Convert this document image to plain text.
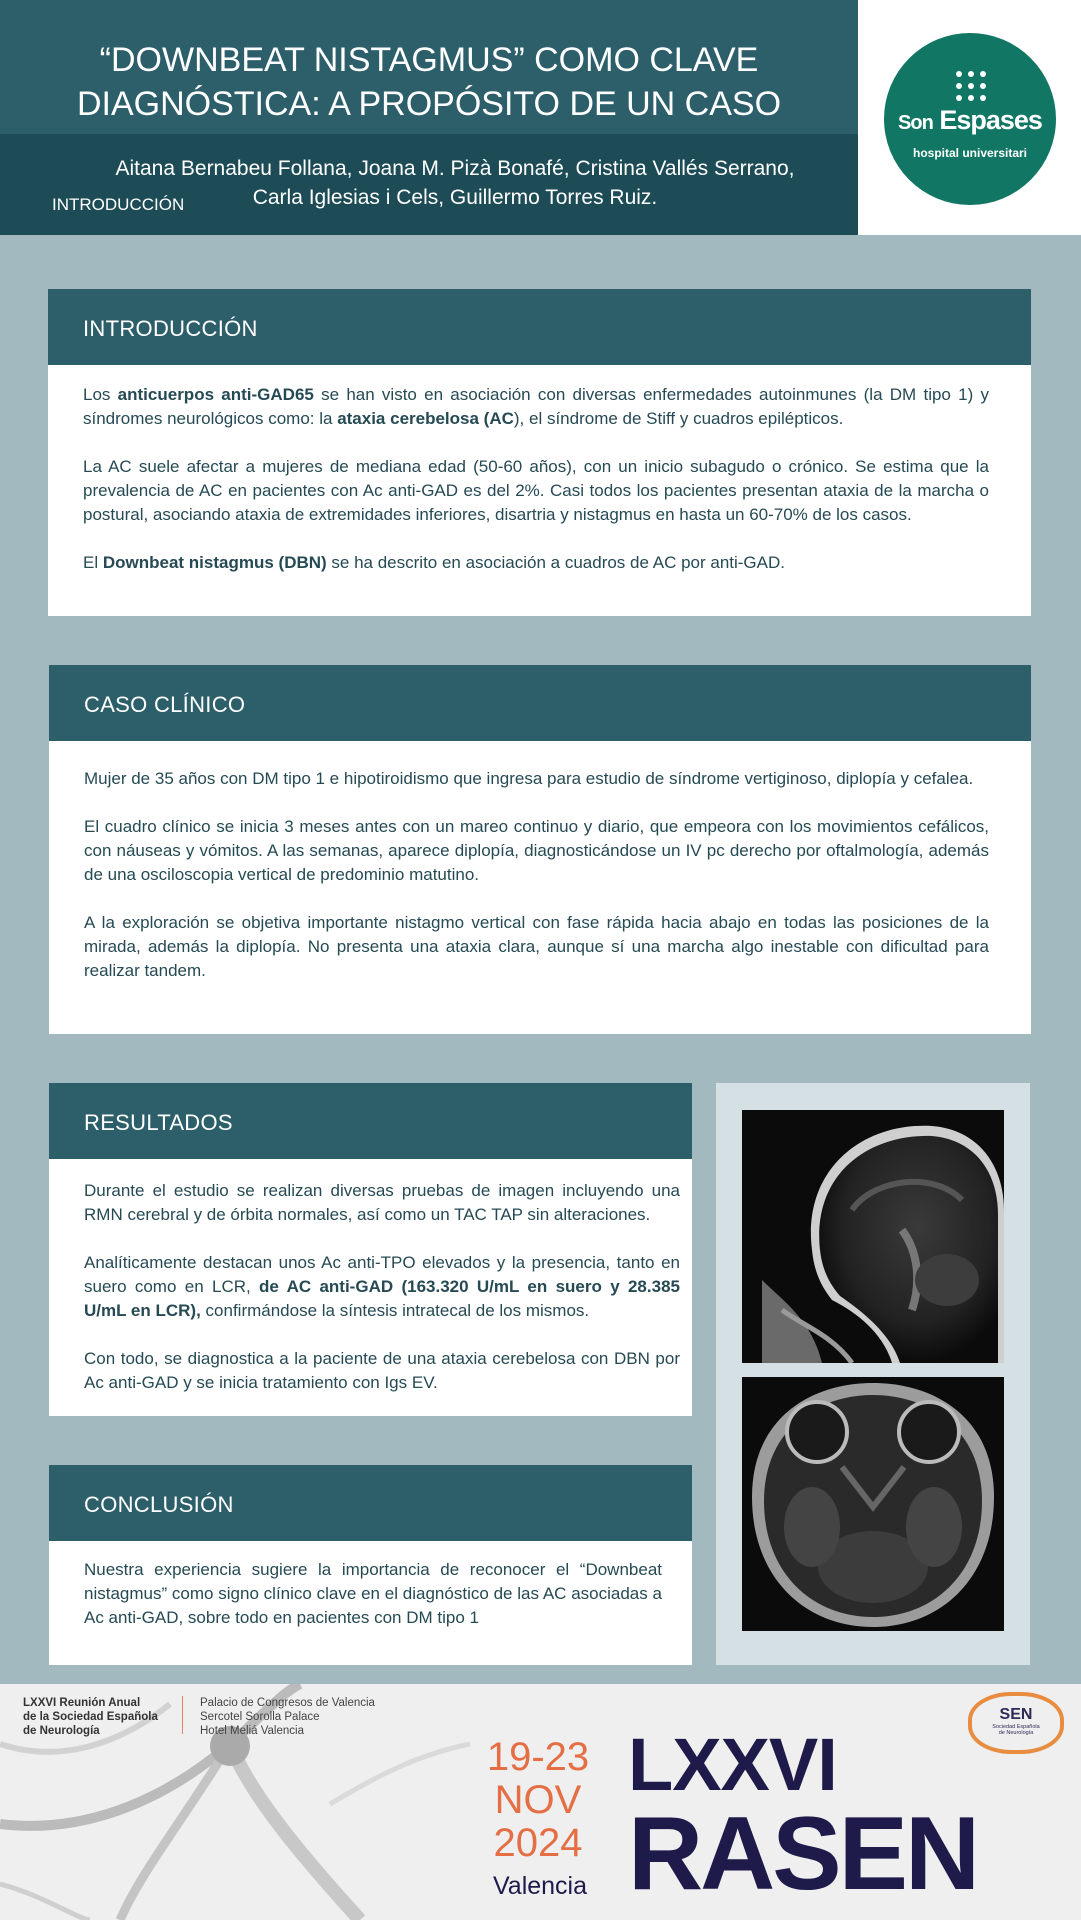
“DOWNBEAT NISTAGMUS” COMO CLAVE
DIAGNÓSTICA: A PROPÓSITO DE UN CASO

Aitana Bernabeu Follana, Joana M. Pizà Bonafé, Cristina Vallés Serrano,
Carla Iglesias i Cels, Guillermo Torres Ruiz.

INTRODUCCIÓN
Son Espases
hospital universitari
INTRODUCCIÓN

Los anticuerpos anti-GAD65 se han visto en asociación con diversas enfermedades autoinmunes (la DM tipo 1) y síndromes neurológicos como: la ataxia cerebelosa (AC), el síndrome de Stiff y cuadros epilépticos.

La AC suele afectar a mujeres de mediana edad (50-60 años), con un inicio subagudo o crónico. Se estima que la prevalencia de AC en pacientes con Ac anti-GAD es del 2%. Casi todos los pacientes presentan ataxia de la marcha o postural, asociando ataxia de extremidades inferiores, disartria y nistagmus en hasta un 60-70% de los casos.

El Downbeat nistagmus (DBN) se ha descrito en asociación a cuadros de AC por anti-GAD.

CASO CLÍNICO

Mujer de 35 años con DM tipo 1 e hipotiroidismo que ingresa para estudio de síndrome vertiginoso, diplopía y cefalea.

El cuadro clínico se inicia 3 meses antes con un mareo continuo y diario, que empeora con los movimientos cefálicos, con náuseas y vómitos. A las semanas, aparece diplopía, diagnosticándose un IV pc derecho por oftalmología, además de una osciloscopia vertical de predominio matutino.

A la exploración se objetiva importante nistagmo vertical con fase rápida hacia abajo en todas las posiciones de la mirada, además la diplopía. No presenta una ataxia clara, aunque sí una marcha algo inestable con dificultad para realizar tandem.

RESULTADOS

Durante el estudio se realizan diversas pruebas de imagen incluyendo una RMN cerebral y de órbita normales, así como un TAC TAP sin alteraciones.

Analíticamente destacan unos Ac anti-TPO elevados y la presencia, tanto en suero como en LCR, de AC anti-GAD (163.320 U/mL en suero y 28.385 U/mL en LCR), confirmándose la síntesis intratecal de los mismos.

Con todo, se diagnostica a la paciente de una ataxia cerebelosa con DBN por Ac anti-GAD y se inicia tratamiento con Igs EV.

CONCLUSIÓN

Nuestra experiencia sugiere la importancia de reconocer el “Downbeat nistagmus” como signo clínico clave en el diagnóstico de las AC asociadas a Ac anti-GAD, sobre todo en pacientes con DM tipo 1

LXXVI Reunión Anual
de la Sociedad Española
de Neurología
Palacio de Congresos de Valencia
Sercotel Sorolla Palace
Hotel Meliá Valencia
19-23
NOV
2024
Valencia
LXXVI
RASEN
SEN
Sociedad Española
de Neurología
